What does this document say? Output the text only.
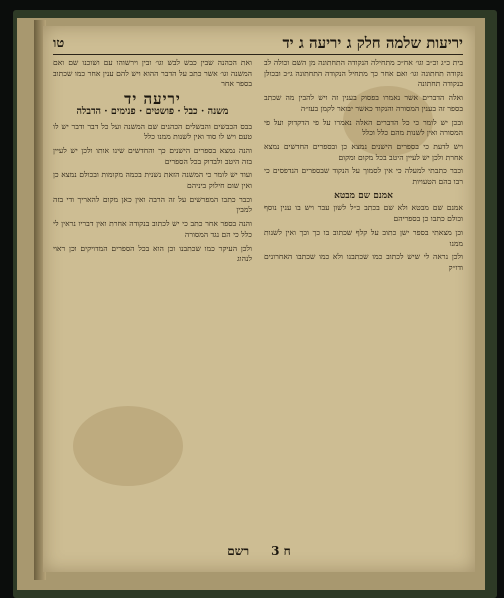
יריעות שלמה חלק ג יריעה ג יד
טו

בית כ״ג וכ״ב וגו׳ אח״כ מתחילה הנקודה התחתונה מן השם וכולה לב נקודה תחתונה וגו׳ ואם אחר כך מתחיל הנקודה התחתונה ג״כ ובכולן בנקודה תחתונה

ואלה הדברים אשר נאמרו בפסוק בענין זה ויש להבין מה שכתב בספר זה בענין המסורה והנקוד כאשר יבואר לקמן בעז״ה

ובכן יש לומר כי כל הדברים האלה נאמרו על פי הדקדוק ועל פי המסורה ואין לשנות מהם כלל וכלל

ויש לדעת כי בספרים הישנים נמצא כן ובספרים החדשים נמצא אחרת ולכן יש לעיין היטב בכל מקום ומקום

וכבר כתבתי למעלה כי אין לסמוך על הנקוד שבספרים הנדפסים כי רבו בהם הטעויות

אמנם שם מבטא

אמנם שם מבטא ולא שם בכתב כ״ל לשון עבר ויש בו ענין נוסף וכולם כתבו כן בספריהם

וכן מצאתי בספר ישן כתוב על קלף שכתוב בו כך וכך ואין לשנות ממנו

ולכן נראה לי שיש לכתוב כמו שכתבנו ולא כמו שכתבו האחרונים ודו״ק

ואת הכהנה שבין כבש לבש וגו׳ ובין וירשוהו עם ושוכנו שם ואם המשנה וגו׳ אשר כתב על הדבר ההוא ויש להם ענין אחר כמו שכתוב בספר אחר

יריעה יד
משנה · כבל · פושטים · פנימים · הדבלה

בבס הכבשים והבשלים הכהנים שם המשנה ועל כל דבר ודבר יש לו טעם ויש לו סוד ואין לשנות ממנו כלל

והנה נמצא בספרים הישנים כך והחדשים שינו אותו ולכן יש לעיין בזה היטב ולבדוק בכל הספרים

ועוד יש לומר כי המשנה הזאת נשנית בכמה מקומות ובכולם נמצא כן ואין שום חילוק ביניהם

וכבר כתבו המפרשים על זה הרבה ואין כאן מקום להאריך ודי בזה למבין

והנה בספר אחר כתב כי יש לכתוב בנקודה אחרת ואין דבריו נראין לי כלל כי הם נגד המסורה

ולכן העיקר כמו שכתבנו וכן הוא בכל הספרים המדויקים וכן ראוי לנהוג

ח 3
רשם
